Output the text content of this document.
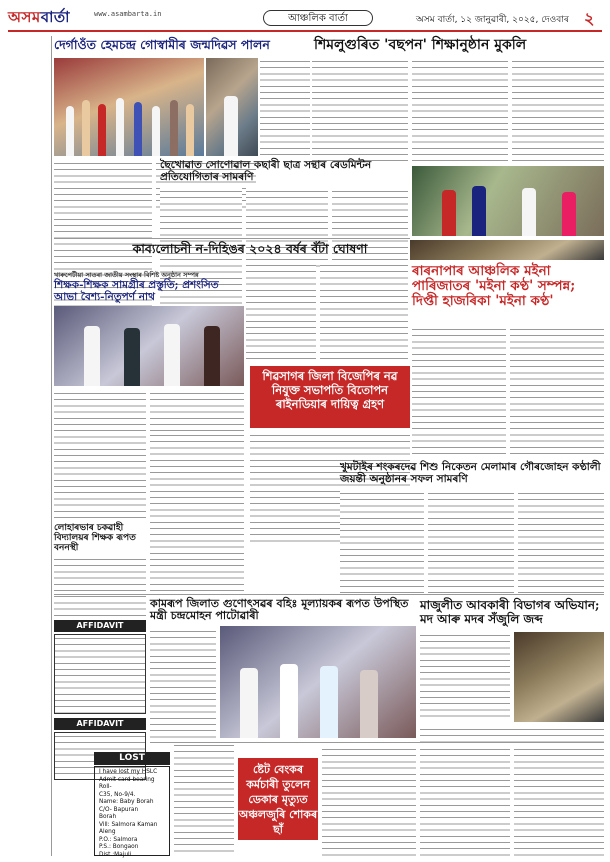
অসমবাৰ্তা	www.asambarta.in	আঞ্চলিক বাৰ্তা	অসম বাৰ্তা, ১২ জানুৱাৰী, ২০২৫, দেওবাৰ ২
দেৰ্গাওঁত হেমচন্দ্ৰ গোস্বামীৰ জন্মদিৱস পালন	শিমলুগুৰিত 'বছপন' শিক্ষানুষ্ঠান মুকলি
ছৈখোৱাত সোণোৱাল কছাৰী ছাত্ৰ সন্থাৰ ৰেডমিন্টন প্ৰতিযোগিতাৰ সামৰণি
কাব্যলোচনী ন-দিহিঙৰ ২০২৪ বৰ্ষৰ বঁটা ঘোষণা
খাৰুপেটীয়া সাতৰা জাতীয় সংস্থাৰ বিশিষ্ট অনুষ্ঠান সম্পন্ন
শিক্ষক-শিক্ষক সামগ্ৰীৰ প্ৰস্তুতি; প্ৰশংসিত আভা বৈশ্য-নিতুপৰ্ণ নাথ
ৰাৰনাপাৰ আঞ্চলিক মইনা পাৰিজাতৰ 'মইনা কণ্ঠ' সম্পন্ন; দিপ্তী হাজৰিকা 'মইনা কণ্ঠ'
শিৱসাগৰ জিলা বিজেপিৰ নৱ নিযুক্ত সভাপতি বিতোপন ৰাইনডিয়াৰ দায়িত্ব গ্ৰহণ
লোহাৰভাৰ চকৱাহী বিদ্যালয়ৰ শিক্ষক ৰূপত বননস্থী
খুমটাইৰ শংকৰদেৱ শিশু নিকেতন মেলামাৰ গৌৰজোহন কণ্ঠালী জয়ন্তী অনুষ্ঠানৰ সফল সামৰণি
AFFIDAVIT
কামৰূপ জিলাত গুণোৎসৱৰ বহিঃ মূল্যায়কৰ ৰূপত উপস্থিত মন্ত্ৰী চন্দ্ৰমোহন পাটোৱাৰী
মাজুলীত আবকাৰী বিভাগৰ অভিযান; মদ আৰু মদৰ সঁজুলি জব্দ
AFFIDAVIT
LOST
I have lost my HSLC
Admit card bearing Roll-
C35, No-9/4.
Name: Baby Borah
C/O- Bapuran
Borah
Vill: Salmora Kaman
Aleng
P.O.: Salmora
P.S.: Bongaon
Dist.:Majuli
ষ্টেট বেংকৰ কৰ্মচাৰী তুলেন ডেকাৰ মৃত্যুত অঞ্চলজুৰি শোকৰ ছাঁ
